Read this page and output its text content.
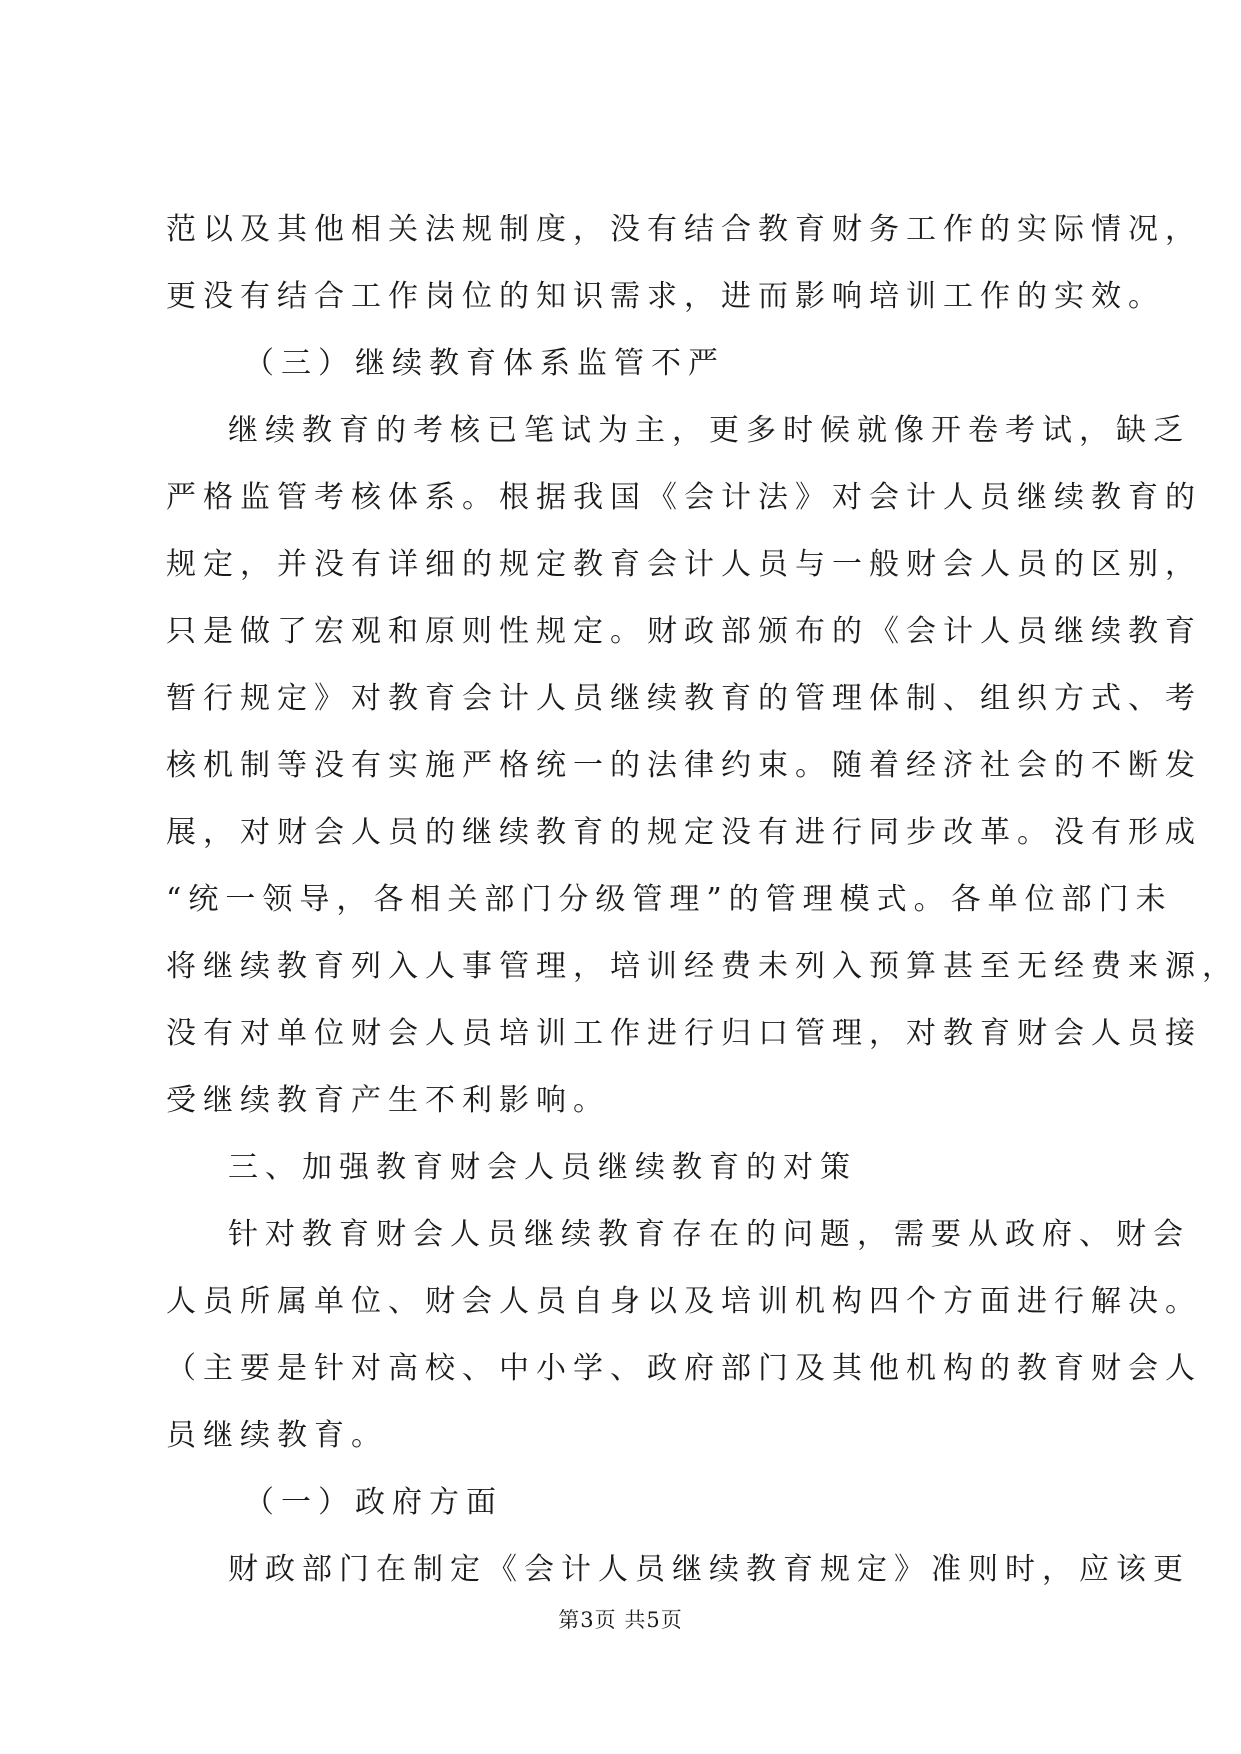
范以及其他相关法规制度，没有结合教育财务工作的实际情况，
更没有结合工作岗位的知识需求，进而影响培训工作的实效。
（三）继续教育体系监管不严
继续教育的考核已笔试为主，更多时候就像开卷考试，缺乏
严格监管考核体系。根据我国《会计法》对会计人员继续教育的
规定，并没有详细的规定教育会计人员与一般财会人员的区别，
只是做了宏观和原则性规定。财政部颁布的《会计人员继续教育
暂行规定》对教育会计人员继续教育的管理体制、组织方式、考
核机制等没有实施严格统一的法律约束。随着经济社会的不断发
展，对财会人员的继续教育的规定没有进行同步改革。没有形成
“统一领导，各相关部门分级管理”的管理模式。各单位部门未
将继续教育列入人事管理，培训经费未列入预算甚至无经费来源，
没有对单位财会人员培训工作进行归口管理，对教育财会人员接
受继续教育产生不利影响。
三、加强教育财会人员继续教育的对策
针对教育财会人员继续教育存在的问题，需要从政府、财会
人员所属单位、财会人员自身以及培训机构四个方面进行解决。
（主要是针对高校、中小学、政府部门及其他机构的教育财会人
员继续教育。
（一）政府方面
财政部门在制定《会计人员继续教育规定》准则时，应该更
第3页 共5页
